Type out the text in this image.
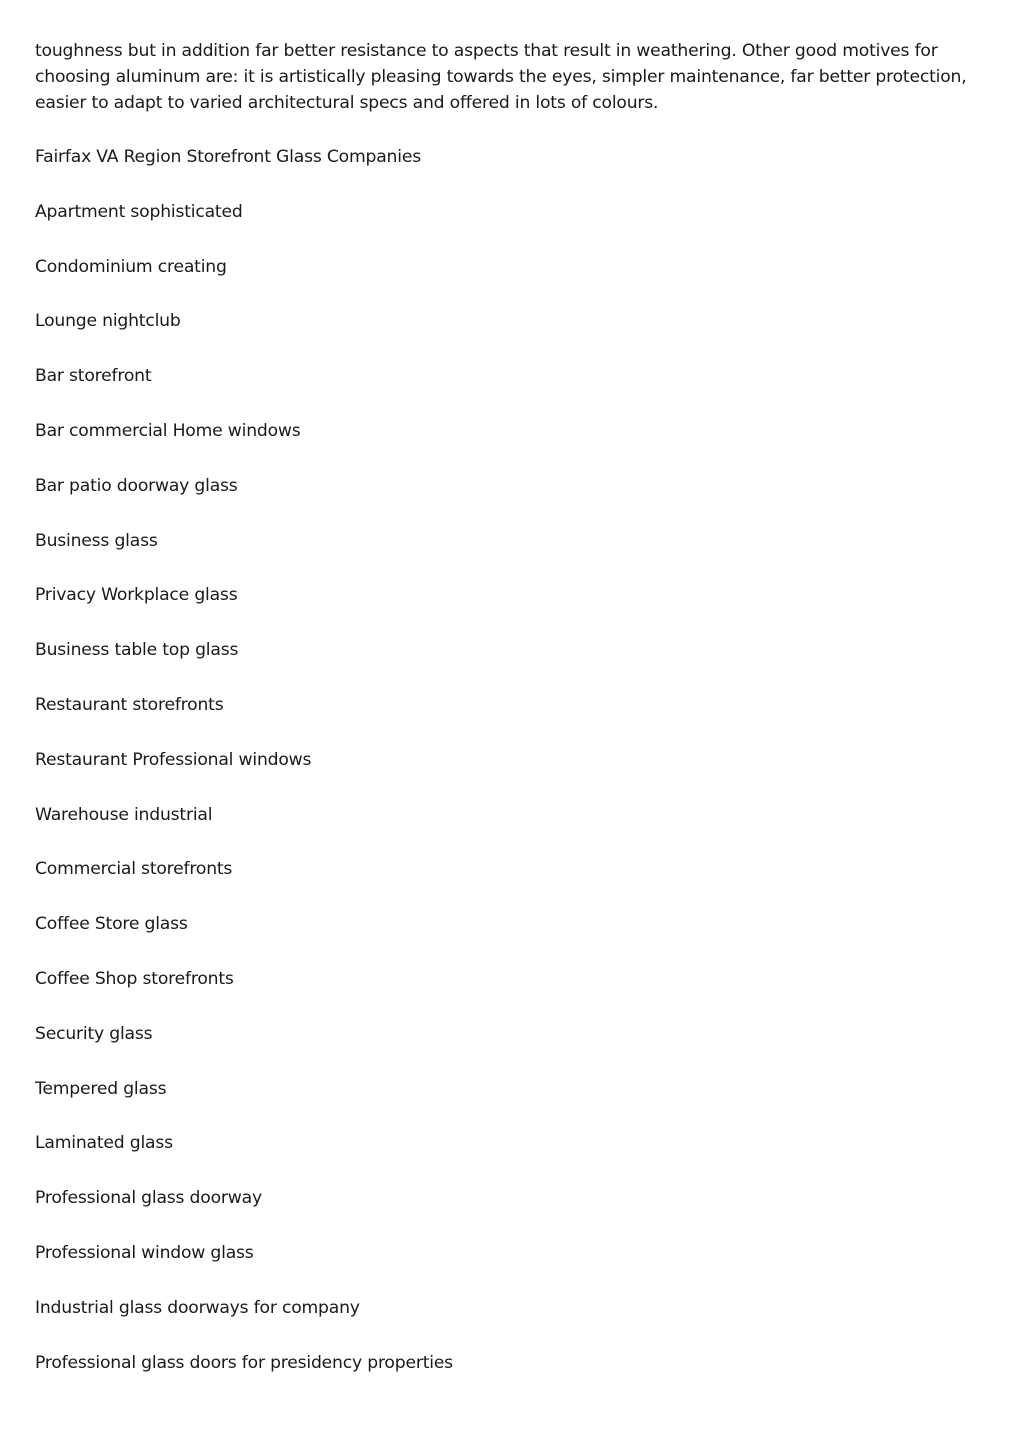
toughness but in addition far better resistance to aspects that result in weathering. Other good motives for choosing aluminum are: it is artistically pleasing towards the eyes, simpler maintenance, far better protection, easier to adapt to varied architectural specs and offered in lots of colours.

Fairfax VA Region Storefront Glass Companies
Apartment sophisticated
Condominium creating
Lounge nightclub
Bar storefront
Bar commercial Home windows
Bar patio doorway glass
Business glass
Privacy Workplace glass
Business table top glass
Restaurant storefronts
Restaurant Professional windows
Warehouse industrial
Commercial storefronts
Coffee Store glass
Coffee Shop storefronts
Security glass
Tempered glass
Laminated glass
Professional glass doorway
Professional window glass
Industrial glass doorways for company
Professional glass doors for presidency properties
